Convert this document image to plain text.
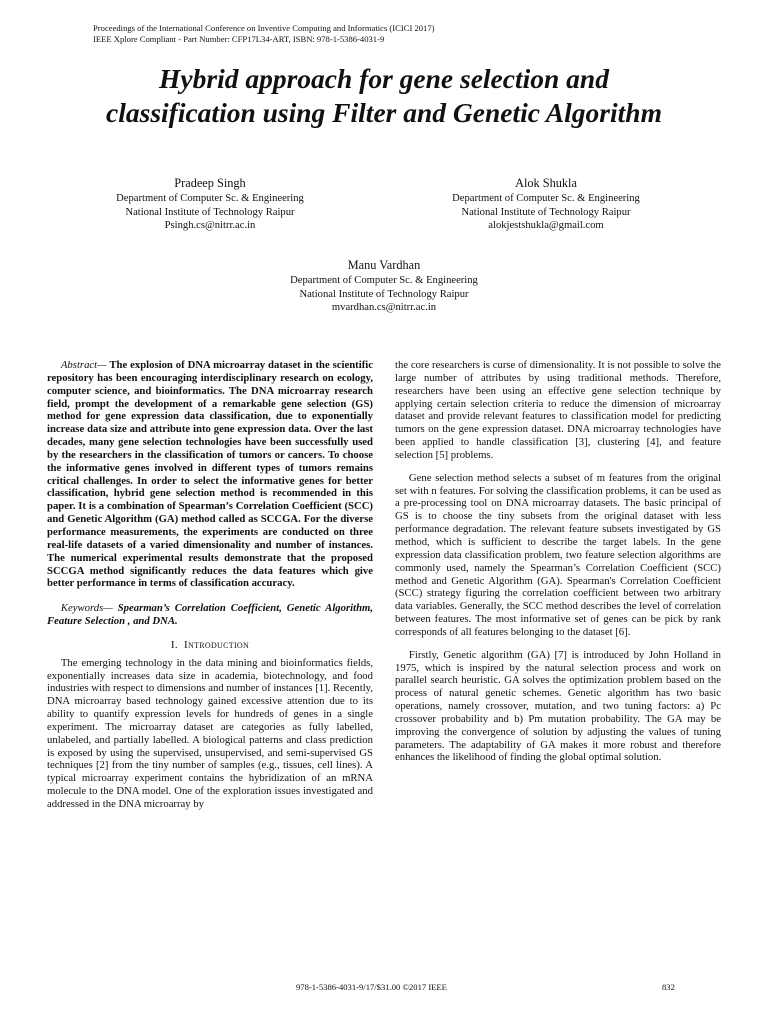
Proceedings of the International Conference on Inventive Computing and Informatics (ICICI 2017)
IEEE Xplore Compliant - Part Number: CFP17L34-ART, ISBN: 978-1-5386-4031-9
Hybrid approach for gene selection and
classification using Filter and Genetic Algorithm
Pradeep Singh
Department of Computer Sc. & Engineering
National Institute of Technology Raipur
Psingh.cs@nitrr.ac.in
Alok Shukla
Department of Computer Sc. & Engineering
National Institute of Technology Raipur
alokjestshukla@gmail.com
Manu Vardhan
Department of Computer Sc. & Engineering
National Institute of Technology Raipur
mvardhan.cs@nitrr.ac.in

Abstract— The explosion of DNA microarray dataset in the scientific repository has been encouraging interdisciplinary research on ecology, computer science, and bioinformatics. The DNA microarray research field, prompt the development of a remarkable gene selection (GS) method for gene expression data classification, due to exponentially increase data size and attribute into gene expression data. Over the last decades, many gene selection technologies have been successfully used by the researchers in the classification of tumors or cancers. To choose the informative genes involved in different types of tumors remains critical challenges. In order to select the informative genes for better classification, hybrid gene selection method is recommended in this paper. It is a combination of Spearman’s Correlation Coefficient (SCC) and Genetic Algorithm (GA) method called as SCCGA. For the diverse performance measurements, the experiments are conducted on three real-life datasets of a varied dimensionality and number of instances. The numerical experimental results demonstrate that the proposed SCCGA method significantly reduces the data features which give better performance in terms of classification accuracy.

Keywords— Spearman’s Correlation Coefficient, Genetic Algorithm, Feature Selection , and DNA.

I. Introduction

The emerging technology in the data mining and bioinformatics fields, exponentially increases data size in academia, biotechnology, and food industries with respect to dimensions and number of instances [1]. Recently, DNA microarray based technology gained excessive attention due to its ability to quantify expression levels for hundreds of genes in a single experiment. The microarray dataset are categories as fully labelled, unlabeled, and partially labelled. A biological patterns and class prediction is exposed by using the supervised, unsupervised, and semi-supervised GS techniques [2] from the tiny number of samples (e.g., tissues, cell lines). A typical microarray experiment contains the hybridization of an mRNA molecule to the DNA model. One of the exploration issues investigated and addressed in the DNA microarray by

the core researchers is curse of dimensionality. It is not possible to solve the large number of attributes by using traditional methods. Therefore, researchers have been using an effective gene selection technique by applying certain selection criteria to reduce the dimension of microarray dataset and provide relevant features to classification model for predicting tumors on the gene expression dataset. DNA microarray technologies have been applied to handle classification [3], clustering [4], and feature selection [5] problems.

Gene selection method selects a subset of m features from the original set with n features. For solving the classification problems, it can be used as a pre-processing tool on DNA microarray datasets. The basic principal of GS is to choose the tiny subsets from the original dataset with less performance degradation. The relevant feature subsets investigated by GS method, which is sufficient to describe the target labels. In the gene expression data classification problem, two feature selection algorithms are commonly used, namely the Spearman’s Correlation Coefficient (SCC) method and Genetic Algorithm (GA). Spearman's Correlation Coefficient (SCC) strategy figuring the correlation coefficient between two arbitrary data variables. Generally, the SCC method describes the level of correlation between features. The most informative set of genes can be pick by rank corresponds of all features belonging to the dataset [6].

Firstly, Genetic algorithm (GA) [7] is introduced by John Holland in 1975, which is inspired by the natural selection process and work on parallel search heuristic. GA solves the optimization problem based on the process of natural genetic schemes. Genetic algorithm has two basic operations, namely crossover, mutation, and two tuning factors: a) Pc crossover probability and b) Pm mutation probability. The GA may be improving the convergence of solution by adjusting the values of tuning parameters. The adaptability of GA makes it more robust and therefore enhances the likelihood of finding the global optimal solution.

978-1-5386-4031-9/17/$31.00 ©2017 IEEE	832
